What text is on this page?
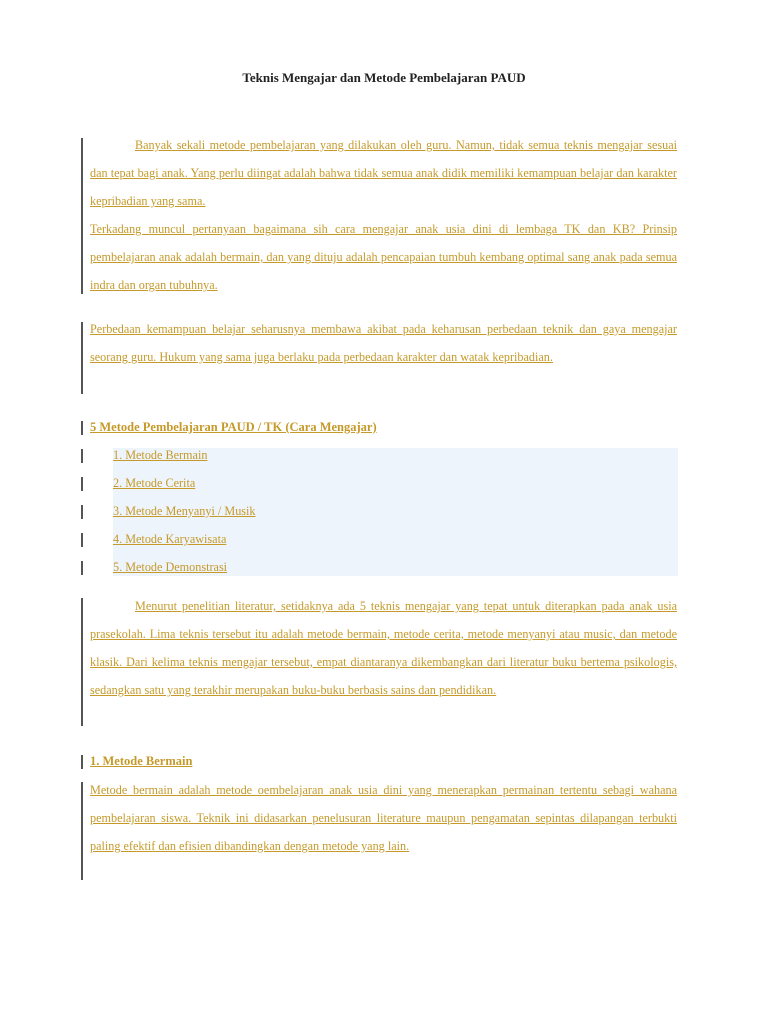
Teknis Mengajar dan Metode Pembelajaran PAUD

Banyak sekali metode pembelajaran yang dilakukan oleh guru. Namun, tidak semua teknis mengajar sesuai dan tepat bagi anak. Yang perlu diingat adalah bahwa tidak semua anak didik memiliki kemampuan belajar dan karakter kepribadian yang sama.

Terkadang muncul pertanyaan bagaimana sih cara mengajar anak usia dini di lembaga TK dan KB? Prinsip pembelajaran anak adalah bermain, dan yang dituju adalah pencapaian tumbuh kembang optimal sang anak pada semua indra dan organ tubuhnya.

Perbedaan kemampuan belajar seharusnya membawa akibat pada keharusan perbedaan teknik dan gaya mengajar seorang guru. Hukum yang sama juga berlaku pada perbedaan karakter dan watak kepribadian.

5 Metode Pembelajaran PAUD / TK (Cara Mengajar)
1. Metode Bermain
2. Metode Cerita
3. Metode Menyanyi / Musik
4. Metode Karyawisata
5. Metode Demonstrasi

Menurut penelitian literatur, setidaknya ada 5 teknis mengajar yang tepat untuk diterapkan pada anak usia prasekolah. Lima teknis tersebut itu adalah metode bermain, metode cerita, metode menyanyi atau music, dan metode klasik. Dari kelima teknis mengajar tersebut, empat diantaranya dikembangkan dari literatur buku bertema psikologis, sedangkan satu yang terakhir merupakan buku-buku berbasis sains dan pendidikan.

1. Metode Bermain

Metode bermain adalah metode oembelajaran anak usia dini yang menerapkan permainan tertentu sebagi wahana pembelajaran siswa. Teknik ini didasarkan penelusuran literature maupun pengamatan sepintas dilapangan terbukti paling efektif dan efisien dibandingkan dengan metode yang lain.
